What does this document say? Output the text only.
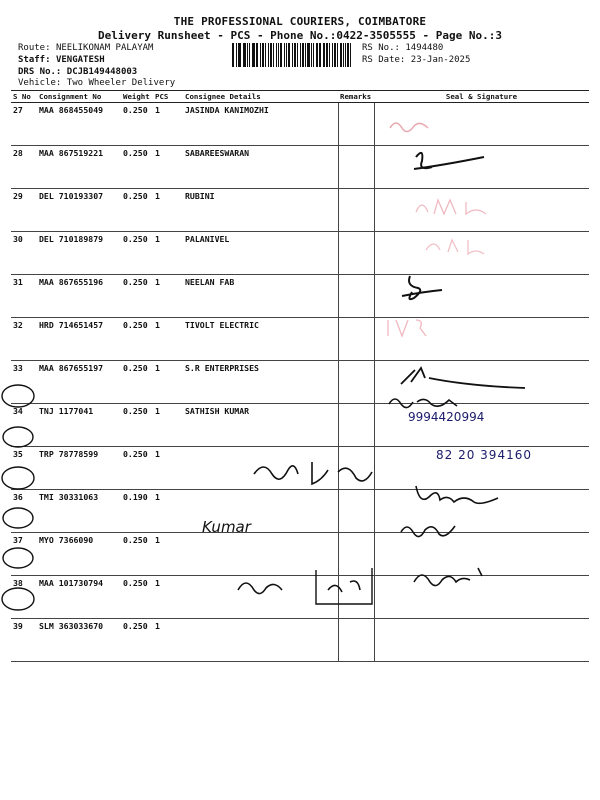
THE PROFESSIONAL COURIERS, COIMBATORE
Delivery Runsheet - PCS - Phone No.:0422-3505555 - Page No.:3
Route: NEELIKONAM PALAYAM
Staff: VENGATESH
DRS No.: DCJB149448003
Vehicle: Two Wheeler Delivery
RS No.: 1494480
RS Date: 23-Jan-2025
S No	Consignment No	Weight	PCS	Consignee Details	Remarks	Seal & Signature
27	MAA 868455049	0.250	1	JASINDA KANIMOZHI		
28	MAA 867519221	0.250	1	SABAREESWARAN		
29	DEL 710193307	0.250	1	RUBINI		
30	DEL 710189879	0.250	1	PALANIVEL		
31	MAA 867655196	0.250	1	NEELAN FAB		
32	HRD 714651457	0.250	1	TIVOLT ELECTRIC		
33	MAA 867655197	0.250	1	S.R ENTERPRISES		
34	TNJ 1177041	0.250	1	SATHISH KUMAR		
35	TRP 78778599	0.250	1			
36	TMI 30331063	0.190	1			
37	MYO 7366090	0.250	1			
38	MAA 101730794	0.250	1			
39	SLM 363033670	0.250	1			
9994420994
82 20 394160
Kumar
